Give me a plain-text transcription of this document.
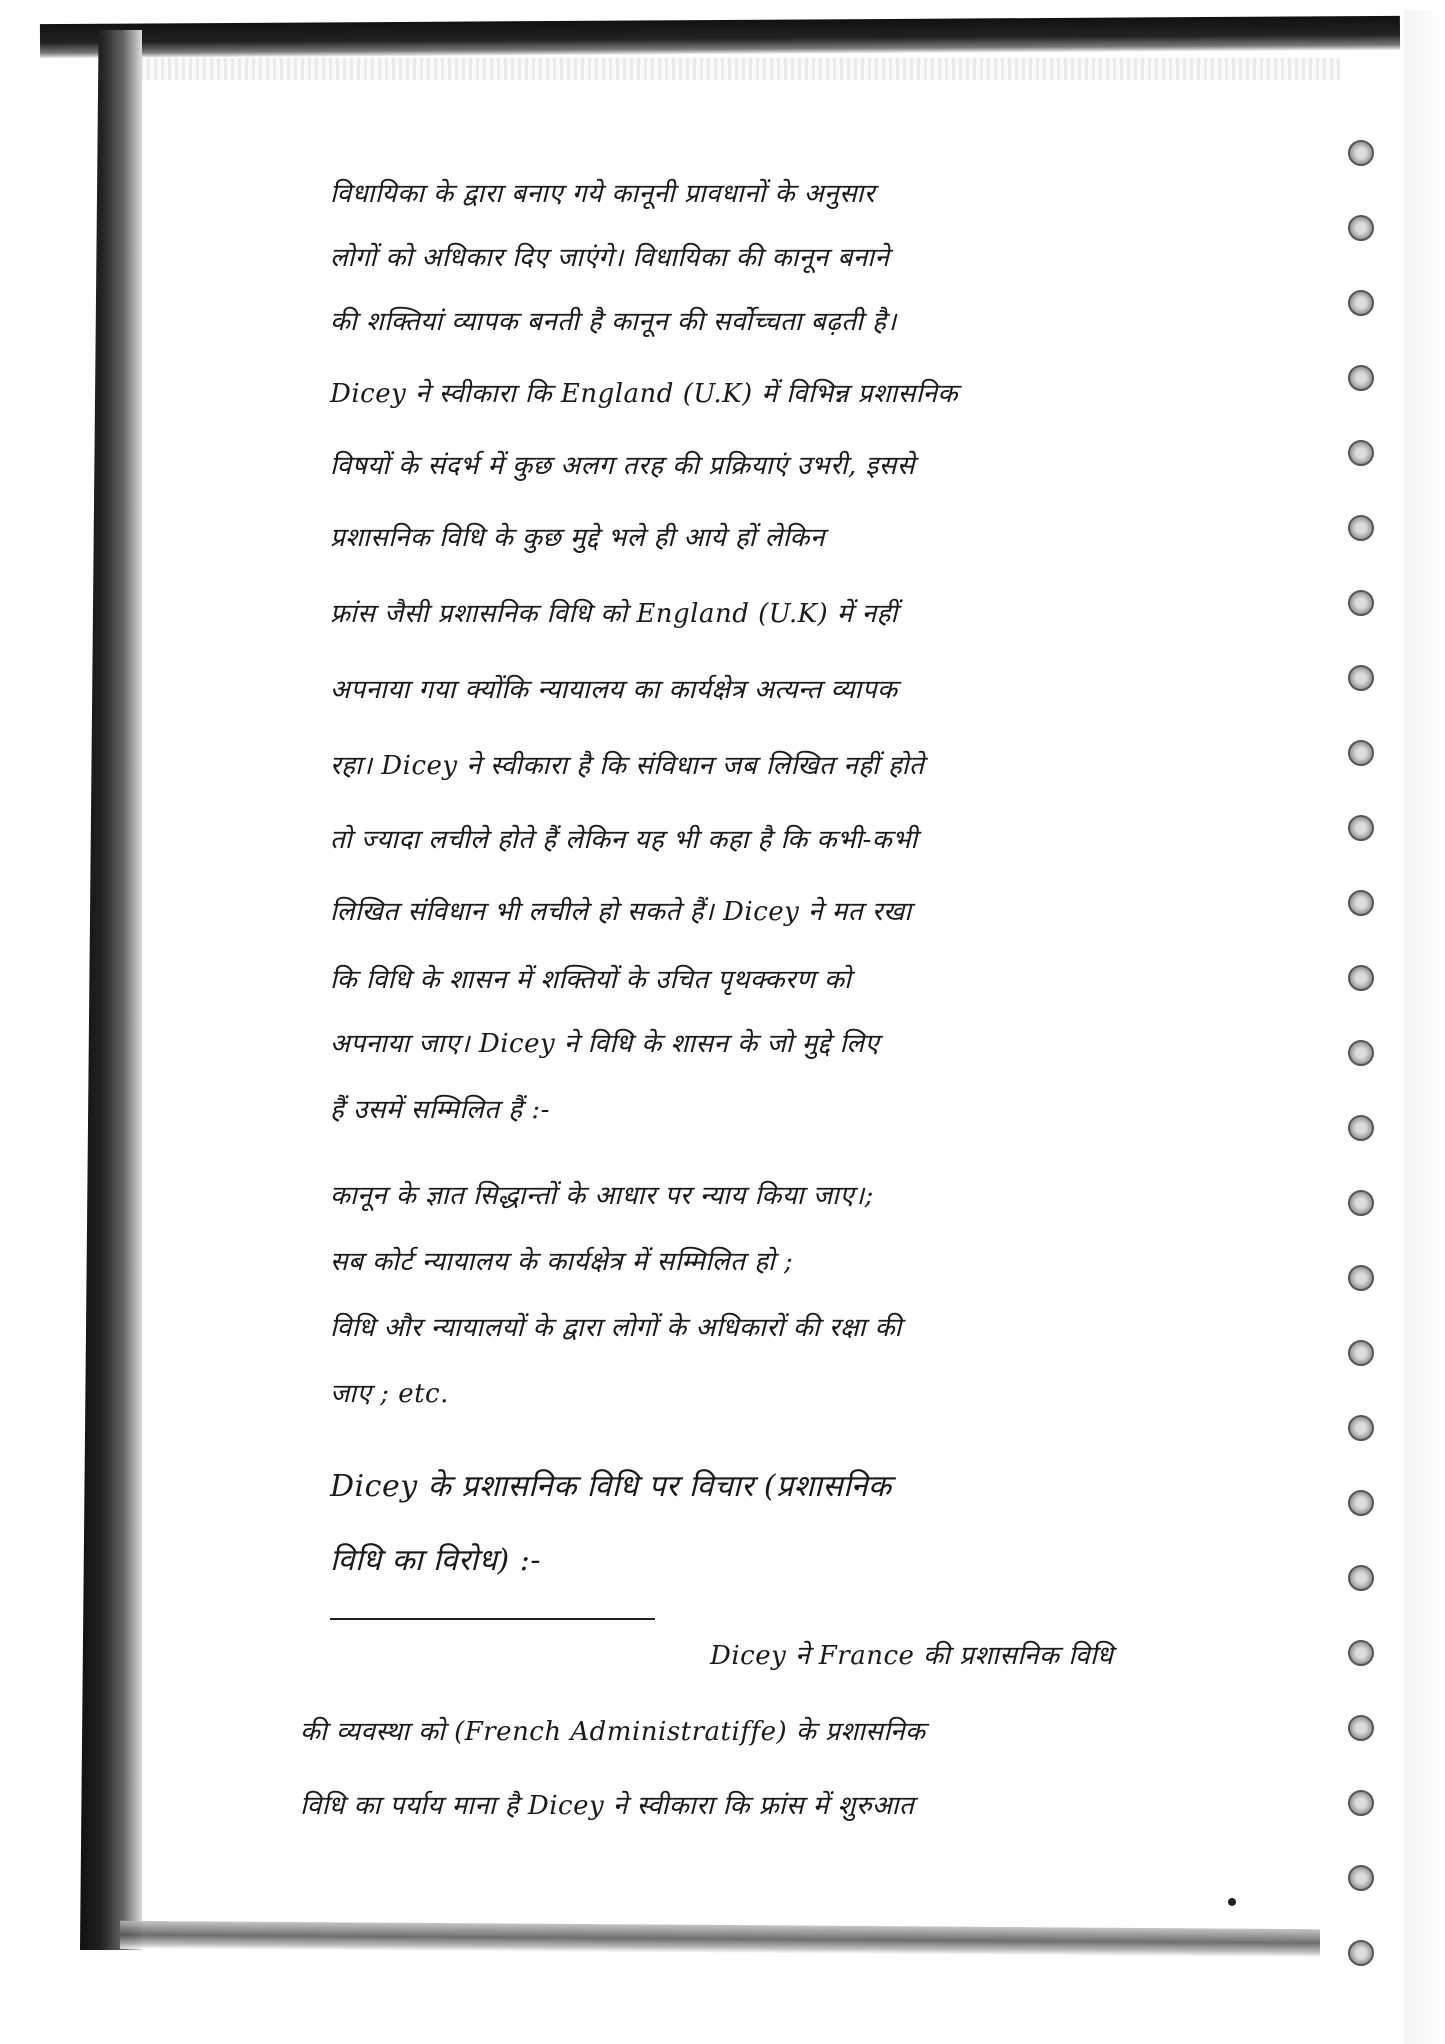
विधायिका के द्वारा बनाए गये कानूनी प्रावधानों के अनुसार
लोगों को अधिकार दिए जाएंगे। विधायिका की कानून बनाने
की शक्तियां व्यापक बनती है कानून की सर्वोच्चता बढ़ती है।
Dicey ने स्वीकारा कि England (U.K) में विभिन्न प्रशासनिक
विषयों के संदर्भ में कुछ अलग तरह की प्रक्रियाएं उभरी, इससे
प्रशासनिक विधि के कुछ मुद्दे भले ही आये हों लेकिन
फ्रांस जैसी प्रशासनिक विधि को England (U.K) में नहीं
अपनाया गया क्योंकि न्यायालय का कार्यक्षेत्र अत्यन्त व्यापक
रहा। Dicey ने स्वीकारा है कि संविधान जब लिखित नहीं होते
तो ज्यादा लचीले होते हैं लेकिन यह भी कहा है कि कभी-कभी
लिखित संविधान भी लचीले हो सकते हैं। Dicey ने मत रखा
कि विधि के शासन में शक्तियों के उचित पृथक्करण को
अपनाया जाए। Dicey ने विधि के शासन के जो मुद्दे लिए
हैं उसमें सम्मिलित हैं :-
कानून के ज्ञात सिद्धान्तों के आधार पर न्याय किया जाए।;
सब कोर्ट न्यायालय के कार्यक्षेत्र में सम्मिलित हो ;
विधि और न्यायालयों के द्वारा लोगों के अधिकारों की रक्षा की
जाए ; etc.
Dicey के प्रशासनिक विधि पर विचार (प्रशासनिक
विधि का विरोध) :-
Dicey ने France की प्रशासनिक विधि
की व्यवस्था को (French Administratiffe) के प्रशासनिक
विधि का पर्याय माना है Dicey ने स्वीकारा कि फ्रांस में शुरुआत
